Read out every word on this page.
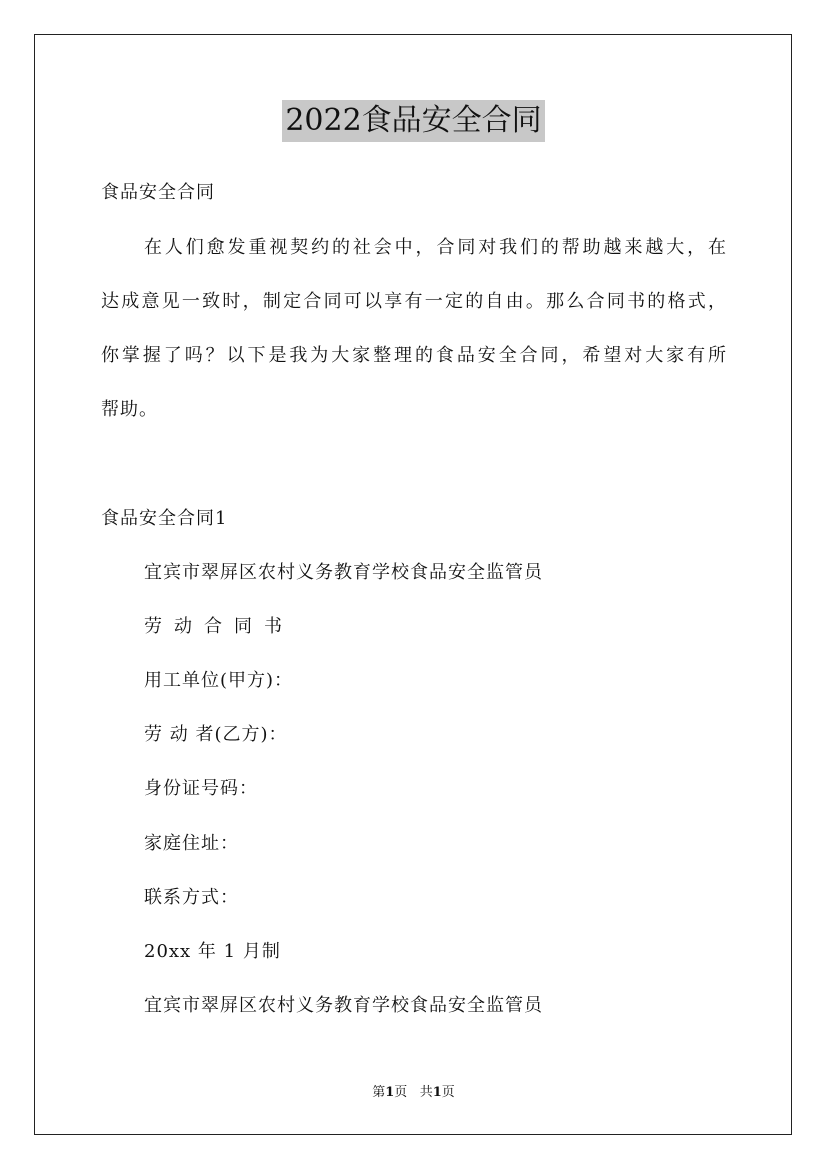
2022食品安全合同

食品安全合同

在人们愈发重视契约的社会中，合同对我们的帮助越来越大，在

达成意见一致时，制定合同可以享有一定的自由。那么合同书的格式，

你掌握了吗？以下是我为大家整理的食品安全合同，希望对大家有所

帮助。

食品安全合同1

宜宾市翠屏区农村义务教育学校食品安全监管员

劳动合同书

用工单位(甲方)：

劳 动 者(乙方)：

身份证号码：

家庭住址：

联系方式：

20xx 年 1 月制

宜宾市翠屏区农村义务教育学校食品安全监管员

第1页 共1页
